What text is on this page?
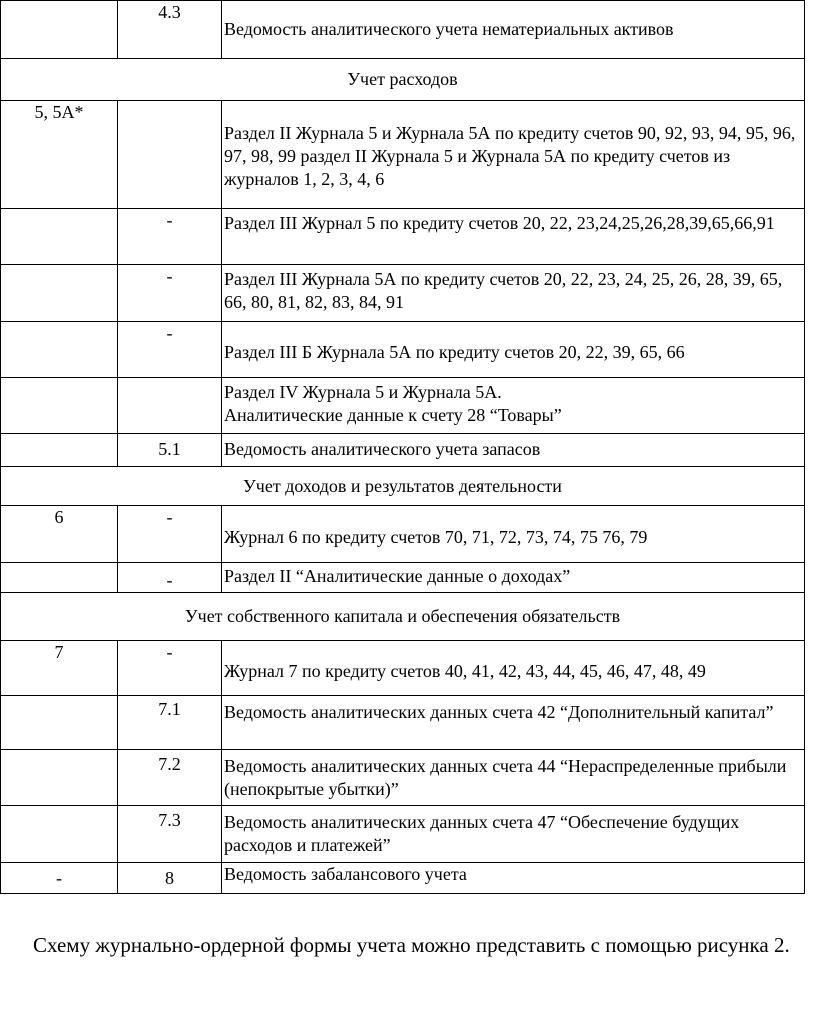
	4.3	Ведомость аналитического учета нематериальных активов

Учет расходов		
5, 5А*		Раздел II Журнала 5 и Журнала 5А по кредиту счетов 90, 92, 93, 94, 95, 96, 97, 98, 99 раздел II Журнала 5 и Журнала 5А по кредиту счетов из журналов 1, 2, 3, 4, 6

	-	Раздел III Журнал 5 по кредиту счетов 20, 22, 23,24,25,26,28,39,65,66,91

	-	Раздел III Журнала 5А по кредиту счетов 20, 22, 23, 24, 25, 26, 28, 39, 65, 66, 80, 81, 82, 83, 84, 91

	-	Раздел III Б Журнала 5А по кредиту счетов 20, 22, 39, 65, 66

		Раздел IV Журнала 5 и Журнала 5А.
Аналитические данные к счету 28 “Товары”

	5.1	Ведомость аналитического учета запасов

Учет доходов и результатов деятельности		
6	-	Журнал 6 по кредиту счетов 70, 71, 72, 73, 74, 75 76, 79

	-	Раздел II “Аналитические данные о доходах”

Учет собственного капитала и обеспечения обязательств		
7	-	Журнал 7 по кредиту счетов 40, 41, 42, 43, 44, 45, 46, 47, 48, 49

	7.1	Ведомость аналитических данных счета 42 “Дополнительный капитал”

	7.2	Ведомость аналитических данных счета 44 “Нераспределенные прибыли (непокрытые убытки)”

	7.3	Ведомость аналитических данных счета 47 “Обеспечение будущих расходов и платежей”

-	8	Ведомость забалансового учета

Схему журнально-ордерной формы учета можно представить с помощью рисунка 2.
